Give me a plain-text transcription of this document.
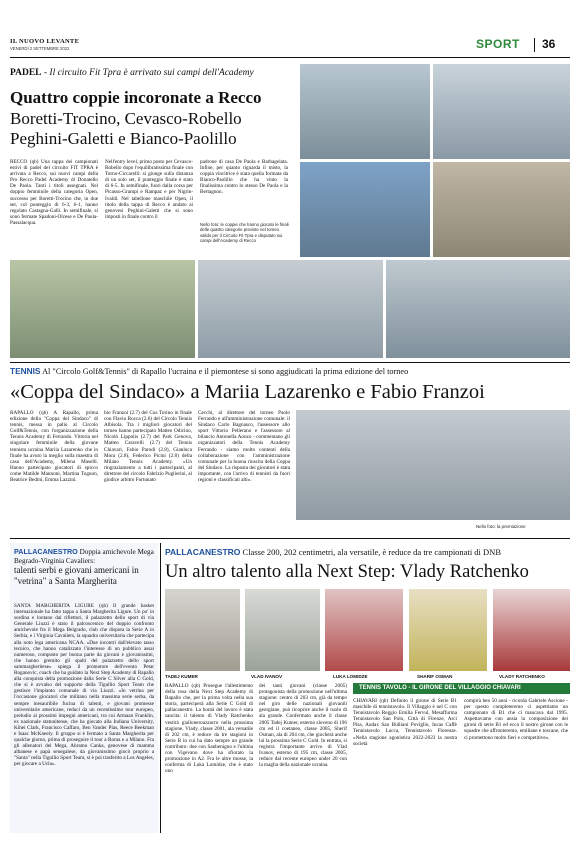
IL NUOVO LEVANTE
VENERDÌ 2 SETTEMBRE 2022	SPORT 36
PADEL - Il circuito Fit Tpra è arrivato sui campi dell'Academy
Quattro coppie incoronate a Recco
Boretti-Trocino, Cevasco-Robello
Peghini-Galetti e Bianco-Paolillo
RECCO (qb) Una tappa dei campionati estivi di padel del circuito FIT TPRA è arrivata a Recco, sui nuovi campi della Pro Recco Padel Academy di Donatello De Paola. Tanti i titoli assegnati. Nel doppio femminile della categoria Open, successo per Boretti-Trocino che, in due set, col punteggio di 6-3, 6-1, hanno regolato Castagna-Galli. In semifinale, si sono fermate Spadoni-Olcese e De Paola-Passalacqua.
Nell'entry level, primo posto per Cevasco-Robello dopo l'equilibratissima finale con Torno-Ciccarelli: si giunge sulla distanza di un solo set, il punteggio finale è stato di 6-5. In semifinale, fuori dalla corsa per Picasso-Grampi e Rampaz e per Nigrin-Ivaldi. Nel tabellone maschile Open, il titolo della tappa di Recco è andato ai genovesi Peghini-Galetti che si sono imposti in finale contro il
padrone di casa De Paola e Barbagelata. Infine, per quanto riguarda il misto, la coppia vincitrice è stata quella formata da Bianco-Paolillo che ha vinto la finalissima contro lo stesso De Paola e la Bertagnon.
Nello foto: le coppie che hanno giocato le finali delle quattro categorie previste nel torneo valido per il Circuito Fit Tpra e disputato sui campi dell'Academy di Recco
TENNIS Al "Circolo Golf&Tennis" di Rapallo l'ucraina e il piemontese si sono aggiudicati la prima edizione del torneo
«Coppa del Sindaco» a Mariia Lazarenko e Fabio Franzoi
RAPALLO (qb) A Rapallo, prima edizione della "Coppa del Sindaco" di tennis, messa in palio al Circolo Golf&Tennis, con l'organizzazione della Tennis Academy di Ferrando. Vittoria nel singolare femminile della giovane tennista ucraina Mariia Lazarenko che in finale ha avuto la meglio sulla maestra di casa dell'Academy, Milena Maselli. Hanno partecipato giocatori di spicco come Matilde Mannoni, Martina Tognon, Beatrice Bedini, Emma Lazzini.
bio Franzoi (2.7) del Cus Torino in finale con Flavio Rocca (2.6) del Circolo Tennis Albisola. Tra i migliori giocatori del torneo hanno partecipato Matteo Odicino, Nicolò Lippolis (2.7) del Park Genova, Matteo Caravelli (2.7) del Tennis Chiavari, Fabio Parodi (2.8), Gianluca Mora (2.8), Federico Picini (2.8) della Milano Tennis Academy. «Un ringraziamento a tutti i partecipanti, al direttore del circolo Fabrizio Puglierini, al giudice arbitro Fortunato
Cecchi, al direttore del torneo Paolo Ferrando e all'amministrazione comunale: il Sindaco Carlo Bagnasco, l'assessore allo sport Vittorio Pellerano e l'assessore al bilancio Antonella Aonzo - commentano gli organizzatori della Tennis Academy Ferrando - siamo molto contenti della collaborazione con l'amministrazione comunale per la buona riuscita della Coppa del Sindaco. La risposta dei giocatori è stata importante, con l'arrivo di tennisti da fuori regioni e classificati alti».
Nello foto: la premiazione
PALLACANESTRO Doppia amichevole Mega Begrado-Virginia Cavaliers:
talenti serbi e giovani americani in "vetrina" a Santa Margherita
SANTA MARGHERITA LIGURE (qb) Il grande basket internazionale ha fatto tappa a Santa Margherita Ligure. Un po' in sordina e lontano dal riflettori, il palazzetto dello sport di via Generale Liuzzi è stato il palcoscenico del doppio confronto amichevole fra il Mega Belgrado, club che disputa la Serie A in Serbia, e i Virginia Cavaliers, la squadra universitaria che partecipa alla noto lega americana NCAA. «Due incontri dall'elevato tasso tecnico, che hanno catalizzato l'interesse di un pubblico assai numeroso, composto per buona parte da giovani e giovanissimi, che hanno gremito gli spalti del palazzetto dello sport sammargheritese» spiega il promotore dell'evento Petar Roganovic, coach che ha guidato la Next Step Academy di Rapallo alla conquista della promozione dalla Serie C Silver alla C Gold, che si è avvalso del supporto della Tigullio Sport Team che gestisce l'impianto comunale di via Liuzzi. «In vetrina per l'occasione giocatori che militano nella massima serie serba, da sempre inesauribile fucina di talenti, e giovani promesse universitarie americane, reduci da un recentissimo tour europeo, preludio ai prossimi impegni americani, tra cui Armaan Franklin, ex nazionale statunitense, che ha giocato alla Indiana University, Kihei Clark, Francisco Caffaro, Ben Vander Plas, Reece Beekman e Isaac McKneely. Il gruppo si è fermato a Santa Margherita per qualche giorno, prima di proseguire il tour a Roma e a Milano. Fra gli allenatori del Mega, Abramo Canka, genovese di mamma albanese e papà senegalese, da giovanissimo giocò proprio a "Santa" nella Tigullio Sport Team, si è poi trasferito a Los Angeles, per giocare a Ucla».
PALLACANESTRO Classe 200, 202 centimetri, ala versatile, è reduce da tre campionati di DNB
Un altro talento alla Next Step: Vlady Ratchenko
TADEJ KUMER	VLAD IVANOV	LUKA LOMIDZE	SHARIF OSMAN	VLADY RATCHENKO
RAPALLO (qb) Prosegue l'allestimento della rosa della Next Step Academy di Rapallo che, per la prima volta nella sua storia, parteciperà alla Serie C Gold di pallacanestro. La bontà del lavoro è stata sancita: il talento di Vlady Ratchenko vestirà gialloneroazzurro nella prossima stagione. Vlady, classe 2001, ala versatile di 202 cm, è reduce da tre stagioni in Serie B in cui ha dato sempre un grande contributo: due con Sanbenigno e l'ultima con Vigevano dove ha sfiorato la promozione in A2. Fra le altre mosse, la conferma di Luka Lomidze, che è stato uno
dei tanti giovani (classe 2005) protagonista della promozione nell'ultima stagione: centro di 203 cm, già da tempo nel giro delle nazionali giovanili georgiane, può ricoprire anche il ruolo di ala grande. Confermato anche il classe 2005 Tadej Kumer, esterno sloveno di 196 cm ed il coetaneo, classe 2005, Sherif Osman, ala di 204 cm, che giocherà anche lui la prossima Serie C Gold. In entrata, si registra l'importante arrivo di Vlad Ivanov, esterno di 195 cm, classe 2005, reduce dal recente europeo under 20 con la maglia della nazionale ucraina.
TENNIS TAVOLO - IL GIRONE DEL VILLAGGIO CHIAVARI
CHIAVARI (qb) Definito il girone di Serie B1 maschile di tennistavolo. Il Villaggio è nel C con Tennistavolo Reggio Emilia Fervul, Mesaffurma Tennistavolo San Polo, Città di Firenze, Arci Pisa, Audax San Bulliani Poviglio, Incas Caffè Tennistavolo Lucca, Tennistavolo Florenze. «Nella stagione agonistica 2022-2023 la nostra società
compirà ben 50 anni - ricorda Gabriele Ascione - per questo completeremo ci aspettiamo un campionato di B1 che ci mancava dal 1995. Aspettavamo con ansia la composizione dei gironi di serie B1 ed ecco il nostro girone con le squadre che affronteremo, emiliane e toscane, che ci promettono molto fieri e competitive».
